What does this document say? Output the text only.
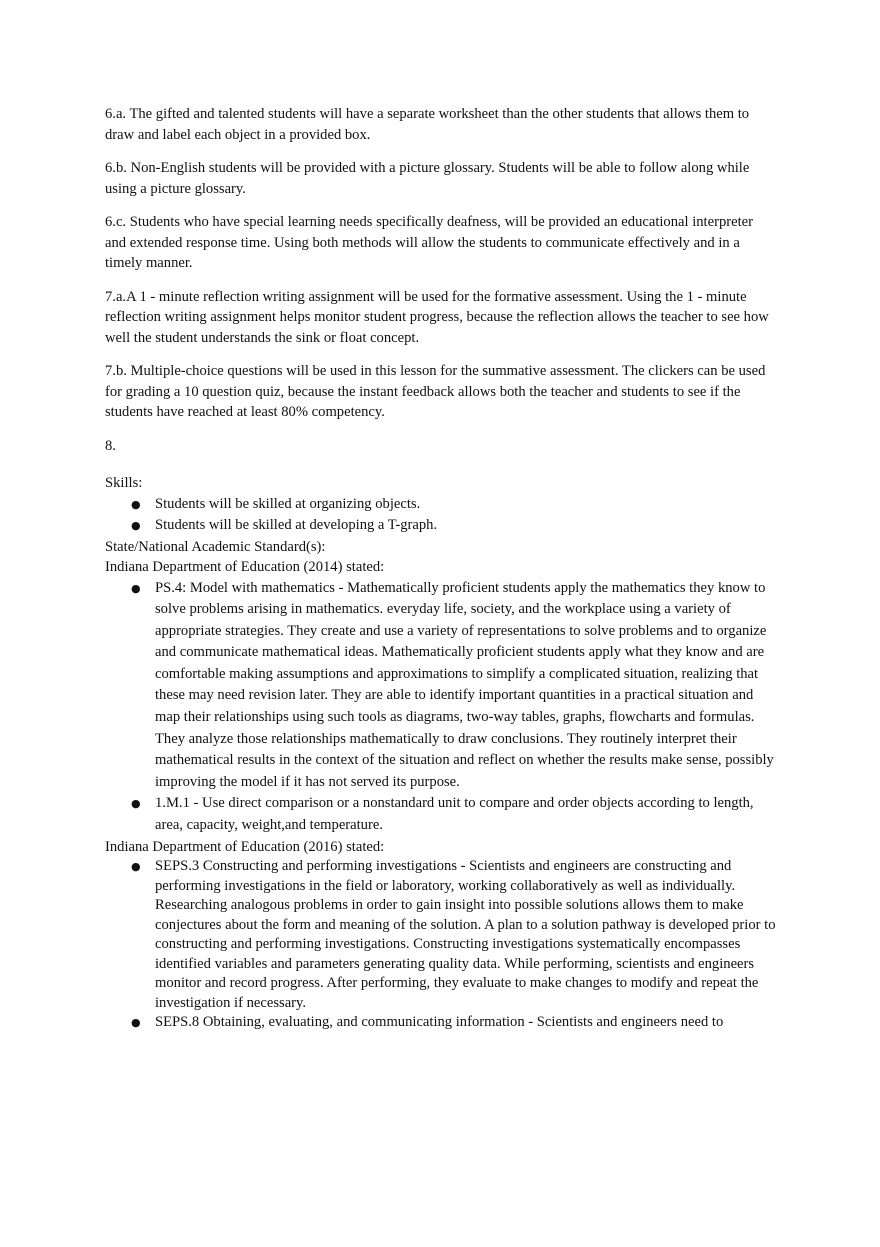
6.a. The gifted and talented students will have a separate worksheet than the other students that allows them to draw and label each object in a provided box.

6.b. Non-English students will be provided with a picture glossary. Students will be able to follow along while using a picture glossary.

6.c. Students who have special learning needs specifically deafness, will be provided an educational interpreter and extended response time. Using both methods will allow the students to communicate effectively and in a timely manner.

7.a.A 1 - minute reflection writing assignment will be used for the formative assessment. Using the 1 - minute reflection writing assignment helps monitor student progress, because the reflection allows the teacher to see how well the student understands the sink or float concept.

7.b. Multiple-choice questions will be used in this lesson for the summative assessment. The clickers can be used for grading a 10 question quiz, because the instant feedback allows both the teacher and students to see if the students have reached at least 80% competency.

8.

Skills:

● Students will be skilled at organizing objects.
● Students will be skilled at developing a T-graph.

State/National Academic Standard(s):

Indiana Department of Education (2014) stated:

● PS.4: Model with mathematics - Mathematically proficient students apply the mathematics they know to solve problems arising in mathematics. everyday life, society, and the workplace using a variety of appropriate strategies. They create and use a variety of representations to solve problems and to organize and communicate mathematical ideas. Mathematically proficient students apply what they know and are comfortable making assumptions and approximations to simplify a complicated situation, realizing that these may need revision later. They are able to identify important quantities in a practical situation and map their relationships using such tools as diagrams, two-way tables, graphs, flowcharts and formulas. They analyze those relationships mathematically to draw conclusions. They routinely interpret their mathematical results in the context of the situation and reflect on whether the results make sense, possibly improving the model if it has not served its purpose.
● 1.M.1 - Use direct comparison or a nonstandard unit to compare and order objects according to length, area, capacity, weight,and temperature.

Indiana Department of Education (2016) stated:

● SEPS.3 Constructing and performing investigations - Scientists and engineers are constructing and performing investigations in the field or laboratory, working collaboratively as well as individually. Researching analogous problems in order to gain insight into possible solutions allows them to make conjectures about the form and meaning of the solution. A plan to a solution pathway is developed prior to constructing and performing investigations. Constructing investigations systematically encompasses identified variables and parameters generating quality data. While performing, scientists and engineers monitor and record progress. After performing, they evaluate to make changes to modify and repeat the investigation if necessary.
● SEPS.8 Obtaining, evaluating, and communicating information - Scientists and engineers need to
